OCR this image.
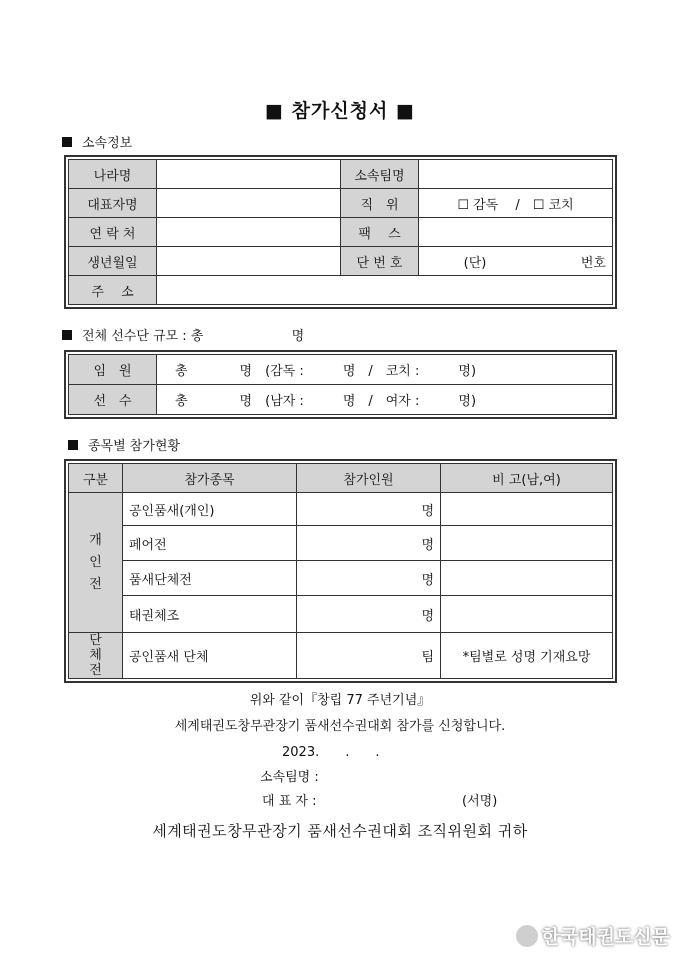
■ 참가신청서 ■
소속정보
나라명		소속팀명	
대표자명		직　위	☐ 감독　 /　☐ 코치
연 락 처		팩　 스	
생년월일		단 번 호	(단) 번호

주　 소			
전체 선수단 규모 : 총	명
임　원	총　　　　명　(감독 :　　　명　/　코치 :　　　명)
선　수	총　　　　명　(남자 :　　　명　/　여자 :　　　명)
종목별 참가현황
구분	참가종목	참가인원	비 고(남,여)
개
인
전	공인품새(개인)	명	
	페어전	명	
	품새단체전	명	
	태권체조	명	
단
체
전	공인품새 단체	팀	*팀별로 성명 기재요망
위와 같이『창립 77 주년기념』
세계태권도창무관장기 품새선수권대회 참가를 신청합니다.
2023.　　.　　.
소속팀명 :
대 표 자 :	(서명)
세계태권도창무관장기 품새선수권대회 조직위원회 귀하
한국태권도신문
